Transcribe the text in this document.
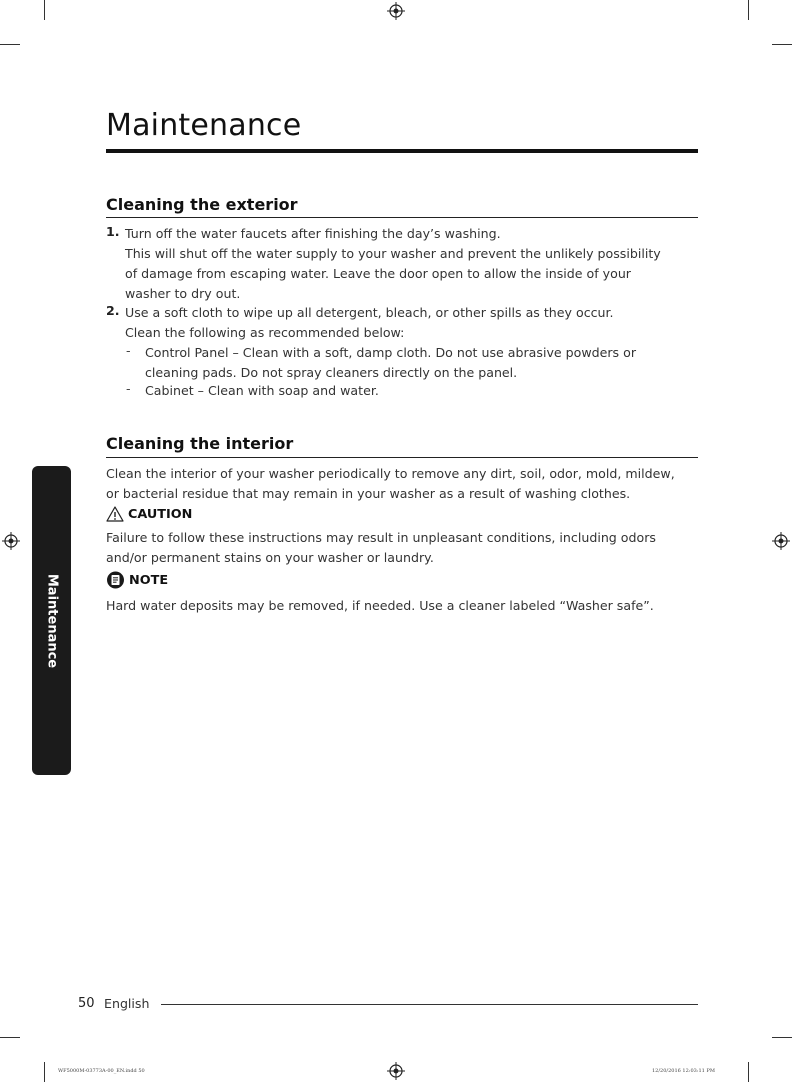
Maintenance
Cleaning the exterior
1. Turn off the water faucets after finishing the day’s washing.
This will shut off the water supply to your washer and prevent the unlikely possibility
of damage from escaping water. Leave the door open to allow the inside of your
washer to dry out.
2. Use a soft cloth to wipe up all detergent, bleach, or other spills as they occur.
Clean the following as recommended below:
- Control Panel – Clean with a soft, damp cloth. Do not use abrasive powders or
cleaning pads. Do not spray cleaners directly on the panel.
- Cabinet – Clean with soap and water.
Cleaning the interior
Clean the interior of your washer periodically to remove any dirt, soil, odor, mold, mildew,
or bacterial residue that may remain in your washer as a result of washing clothes.
CAUTION
Failure to follow these instructions may result in unpleasant conditions, including odors
and/or permanent stains on your washer or laundry.
NOTE
Hard water deposits may be removed, if needed. Use a cleaner labeled “Washer safe”.
Maintenance
50 English
WF5000M-03773A-00_EN.indd 50	12/20/2016 12:03:11 PM
